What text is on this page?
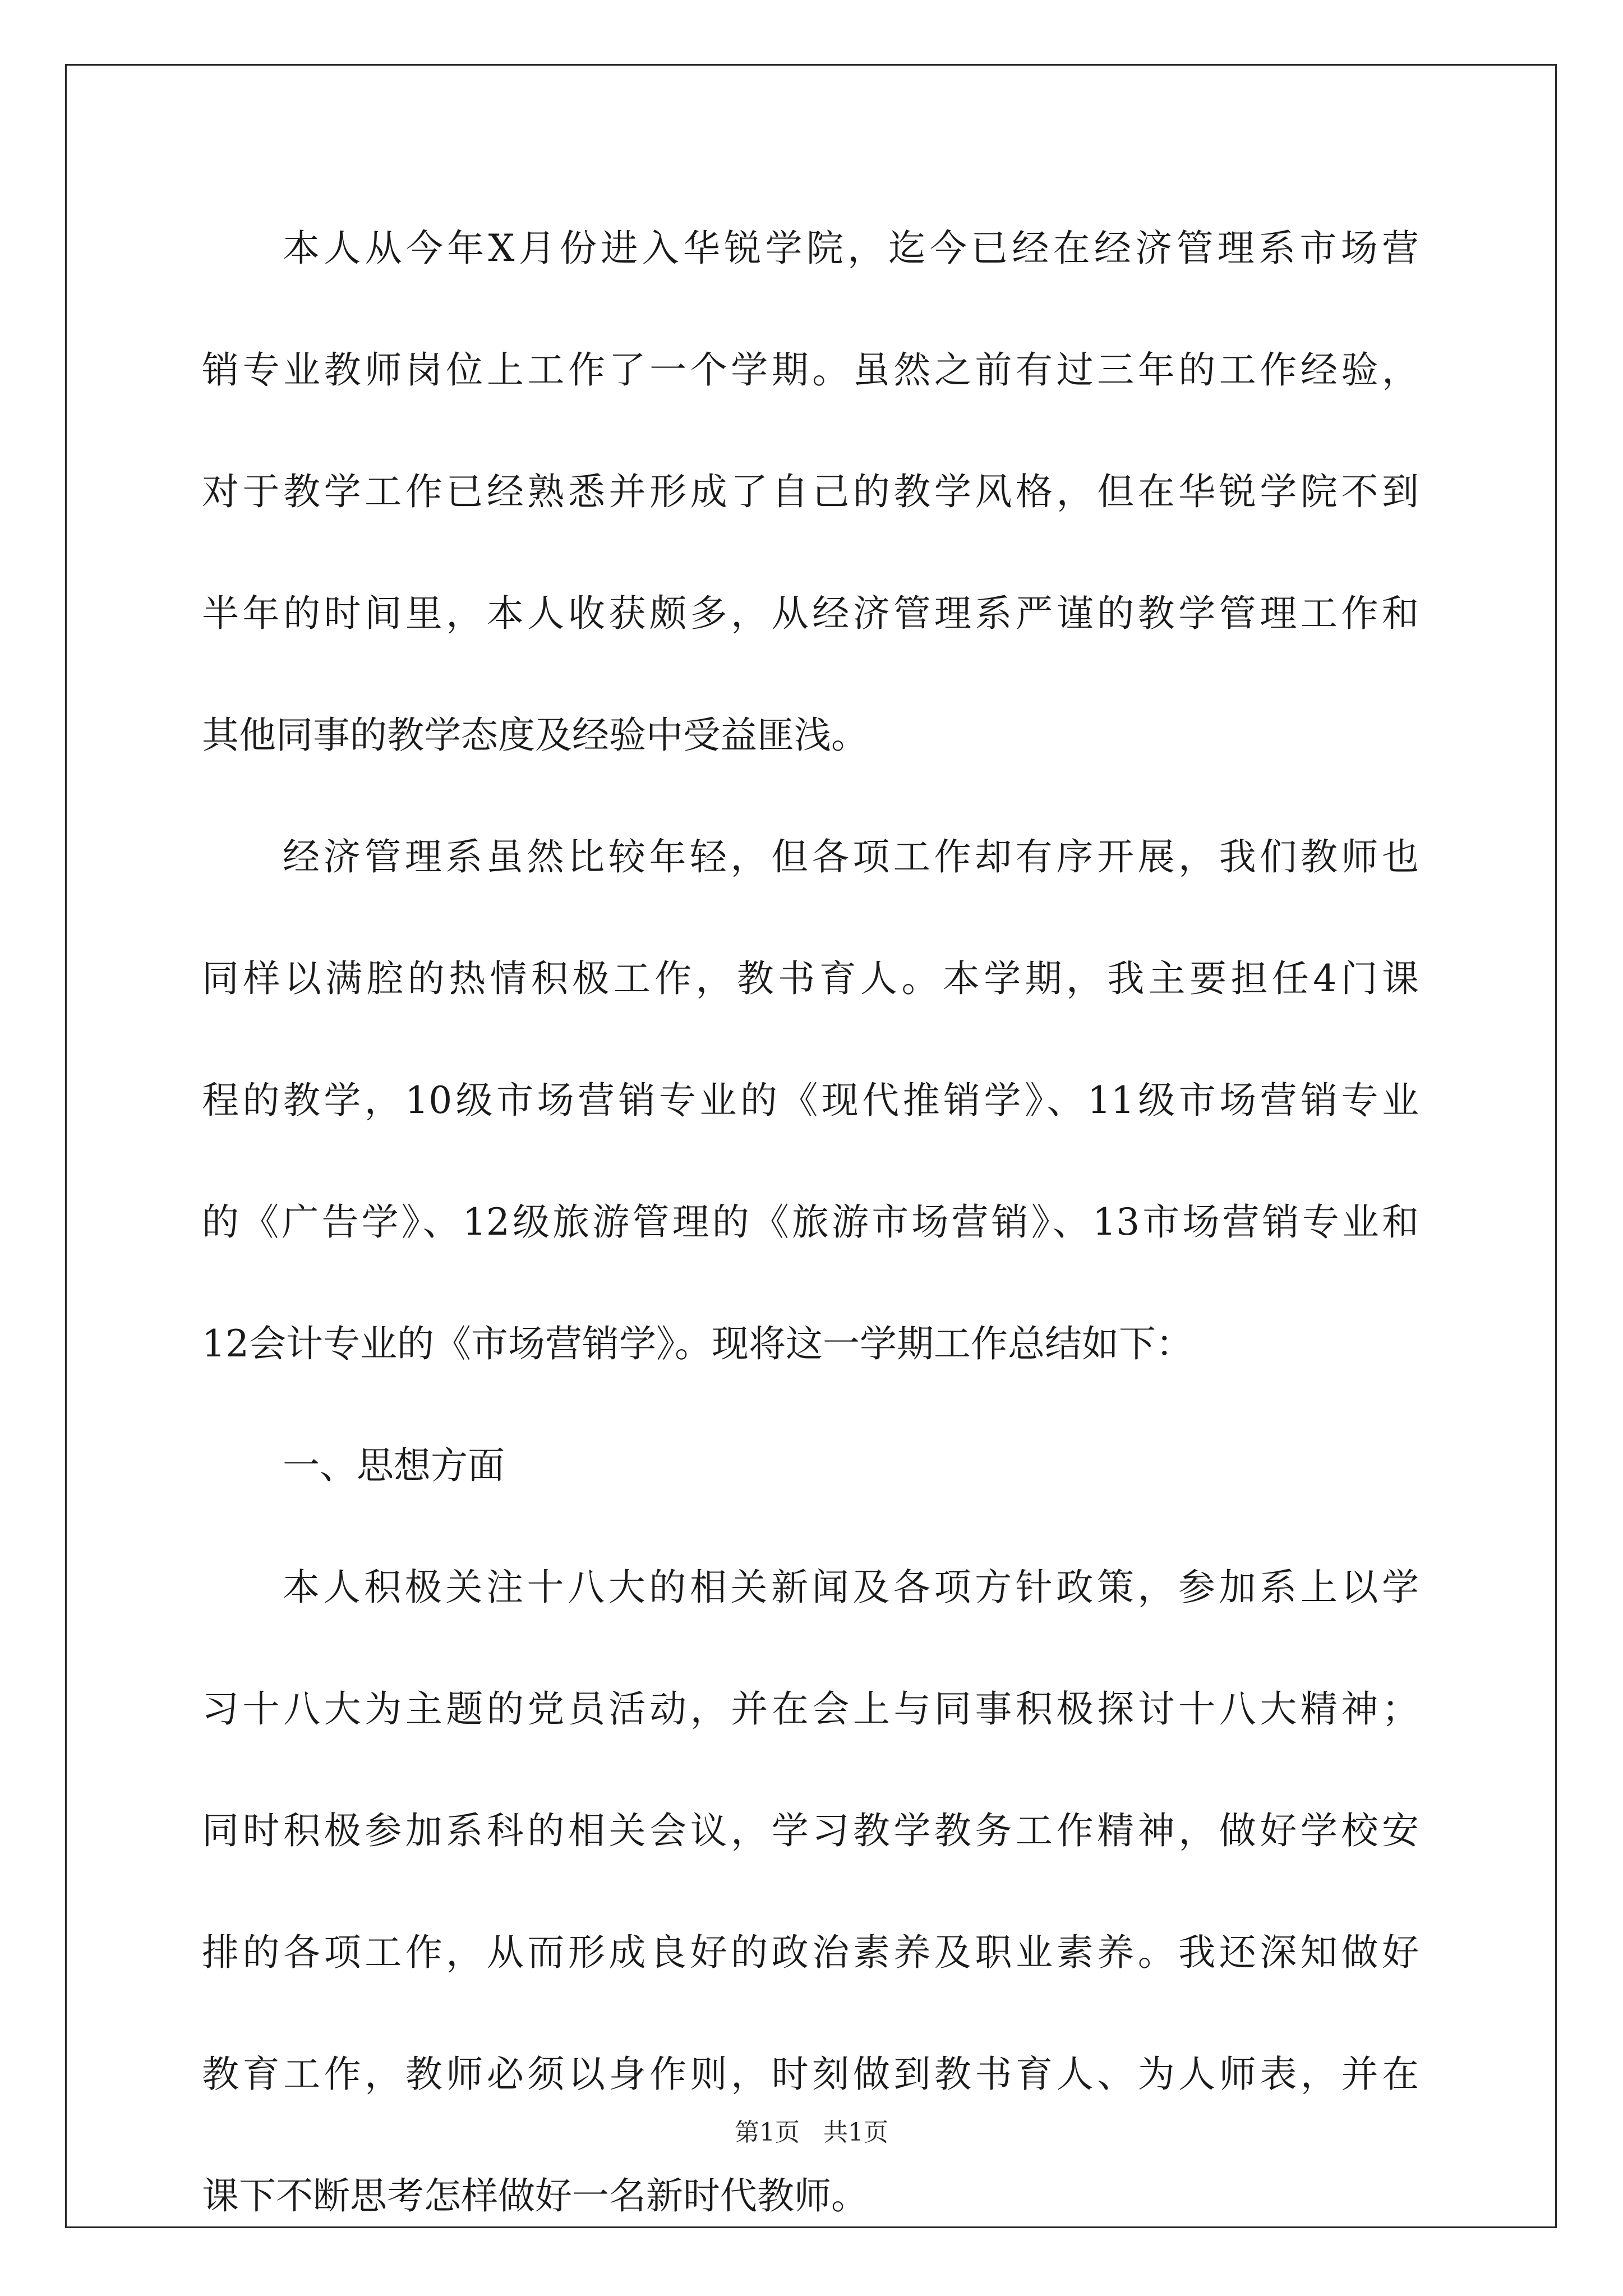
本人从今年X月份进入华锐学院，迄今已经在经济管理系市场营
销专业教师岗位上工作了一个学期。虽然之前有过三年的工作经验，
对于教学工作已经熟悉并形成了自己的教学风格，但在华锐学院不到
半年的时间里，本人收获颇多，从经济管理系严谨的教学管理工作和
其他同事的教学态度及经验中受益匪浅。
经济管理系虽然比较年轻，但各项工作却有序开展，我们教师也
同样以满腔的热情积极工作，教书育人。本学期，我主要担任4门课
程的教学，10级市场营销专业的《现代推销学》、11级市场营销专业
的《广告学》、12级旅游管理的《旅游市场营销》、13市场营销专业和
12会计专业的《市场营销学》。现将这一学期工作总结如下：
一、思想方面
本人积极关注十八大的相关新闻及各项方针政策，参加系上以学
习十八大为主题的党员活动，并在会上与同事积极探讨十八大精神；
同时积极参加系科的相关会议，学习教学教务工作精神，做好学校安
排的各项工作，从而形成良好的政治素养及职业素养。我还深知做好
教育工作，教师必须以身作则，时刻做到教书育人、为人师表，并在
课下不断思考怎样做好一名新时代教师。
第1页   共1页
